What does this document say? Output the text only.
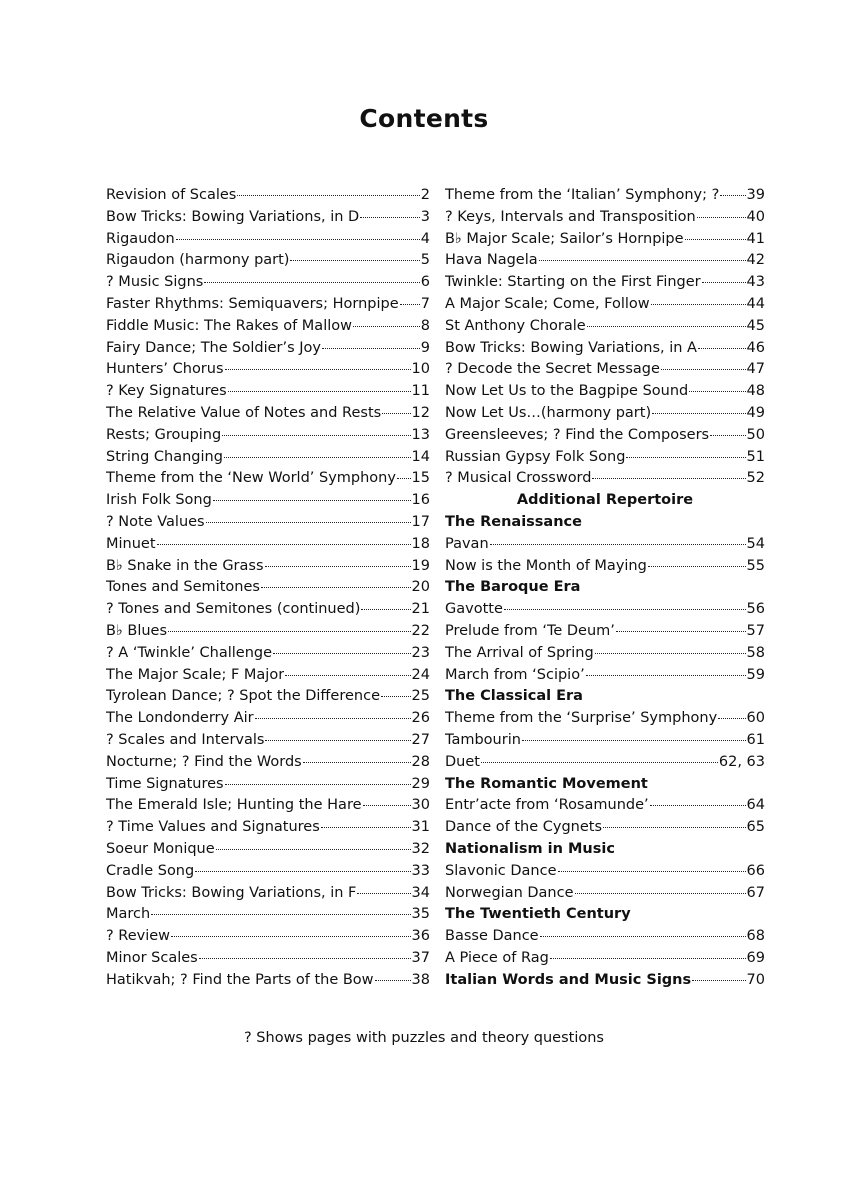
Contents
Revision of Scales	2
Bow Tricks: Bowing Variations, in D	3
Rigaudon	4
Rigaudon (harmony part)	5
? Music Signs	6
Faster Rhythms: Semiquavers; Hornpipe 7
Fiddle Music: The Rakes of Mallow	8
Fairy Dance; The Soldier’s Joy	9
Hunters’ Chorus	10
? Key Signatures	11
The Relative Value of Notes and Rests 12
Rests; Grouping	13
String Changing	14
Theme from the ‘New World’ Symphony 15
Irish Folk Song	16
? Note Values	17
Minuet	18
B♭ Snake in the Grass	19
Tones and Semitones	20
? Tones and Semitones (continued)	21
B♭ Blues	22
? A ‘Twinkle’ Challenge	23
The Major Scale; F Major	24
Tyrolean Dance; ? Spot the Difference 25
The Londonderry Air	26
? Scales and Intervals	27
Nocturne; ? Find the Words	28
Time Signatures	29
The Emerald Isle; Hunting the Hare	30
? Time Values and Signatures	31
Soeur Monique	32
Cradle Song	33
Bow Tricks: Bowing Variations, in F	34
March	35
? Review	36
Minor Scales	37
Hatikvah; ? Find the Parts of the Bow	38
Theme from the ‘Italian’ Symphony; ? 39
? Keys, Intervals and Transposition	40
B♭ Major Scale; Sailor’s Hornpipe	41
Hava Nagela	42
Twinkle: Starting on the First Finger	43
A Major Scale; Come, Follow	44
St Anthony Chorale	45
Bow Tricks: Bowing Variations, in A	46
? Decode the Secret Message	47
Now Let Us to the Bagpipe Sound	48
Now Let Us…(harmony part)	49
Greensleeves; ? Find the Composers	50
Russian Gypsy Folk Song	51
? Musical Crossword	52
Additional Repertoire
The Renaissance
Pavan	54
Now is the Month of Maying	55
The Baroque Era
Gavotte	56
Prelude from ‘Te Deum’	57
The Arrival of Spring	58
March from ‘Scipio’	59
The Classical Era
Theme from the ‘Surprise’ Symphony 60
Tambourin	61
Duet	62, 63
The Romantic Movement
Entr’acte from ‘Rosamunde’	64
Dance of the Cygnets	65
Nationalism in Music
Slavonic Dance	66
Norwegian Dance	67
The Twentieth Century
Basse Dance	68
A Piece of Rag	69
Italian Words and Music Signs	70
? Shows pages with puzzles and theory questions
